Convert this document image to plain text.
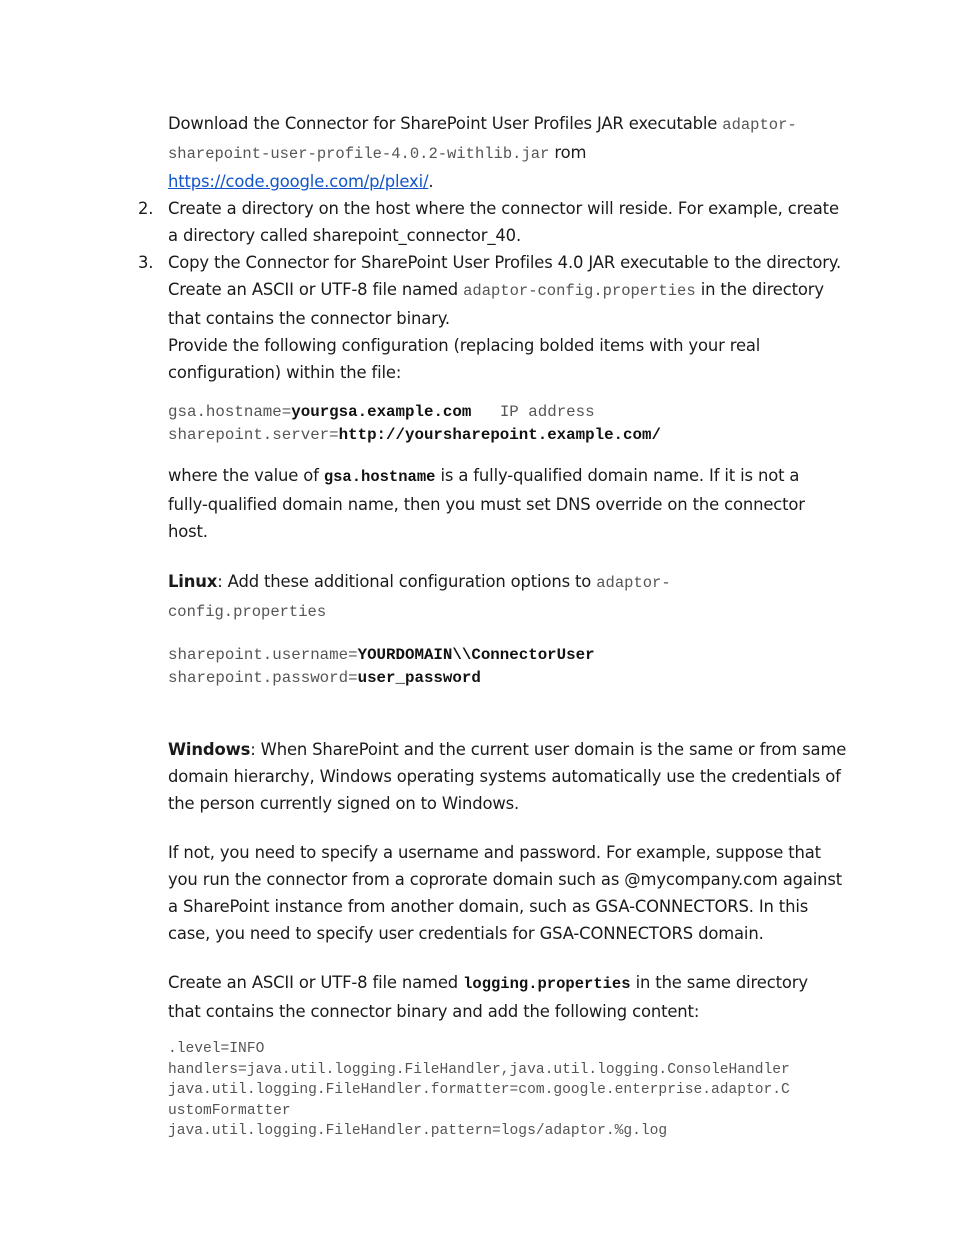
Download the Connector for SharePoint User Profiles JAR executable adaptor-
sharepoint-user-profile-4.0.2-withlib.jar rom
https://code.google.com/p/plexi/.
2. Create a directory on the host where the connector will reside. For example, create
a directory called sharepoint_connector_40.
3. Copy the Connector for SharePoint User Profiles 4.0 JAR executable to the directory.
Create an ASCII or UTF-8 file named adaptor-config.properties in the directory
that contains the connector binary.
Provide the following configuration (replacing bolded items with your real
configuration) within the file:
gsa.hostname=yourgsa.example.com   IP address
sharepoint.server=http://yoursharepoint.example.com/
where the value of gsa.hostname is a fully-qualified domain name. If it is not a
fully-qualified domain name, then you must set DNS override on the connector host.
Linux: Add these additional configuration options to adaptor-
config.properties
sharepoint.username=YOURDOMAIN\\ConnectorUser
sharepoint.password=user_password
Windows: When SharePoint and the current user domain is the same or from same
domain hierarchy, Windows operating systems automatically use the credentials of
the person currently signed on to Windows.
If not, you need to specify a username and password. For example, suppose that
you run the connector from a coprorate domain such as @mycompany.com against
a SharePoint instance from another domain, such as GSA-CONNECTORS. In this
case, you need to specify user credentials for GSA-CONNECTORS domain.
Create an ASCII or UTF-8 file named logging.properties in the same directory
that contains the connector binary and add the following content:
.level=INFO
handlers=java.util.logging.FileHandler,java.util.logging.ConsoleHandler
java.util.logging.FileHandler.formatter=com.google.enterprise.adaptor.C
ustomFormatter
java.util.logging.FileHandler.pattern=logs/adaptor.%g.log
